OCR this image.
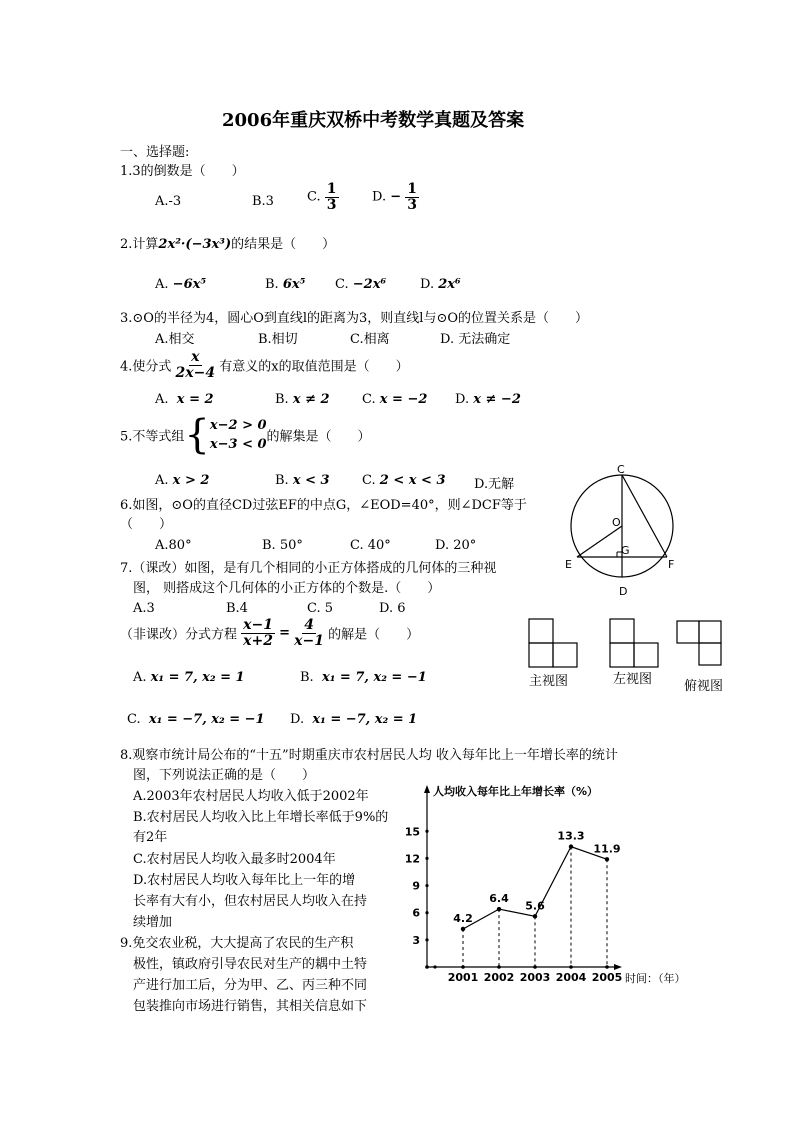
2006年重庆双桥中考数学真题及答案
一、选择题:
1.3的倒数是（　　）
A.-3	B.3	C. $\frac{1}{3}$	D. − $\frac{1}{3}$
2.计算2x²·(−3x³)的结果是（　　）
A. −6x⁵	B. 6x⁵ C. −2x⁶	D. 2x⁶
3.⊙O的半径为4，圆心O到直线l的距离为3，则直线l与⊙O的位置关系是（　　）
A.相交	B.相切	C.相离	D. 无法确定
4.使分式 $\frac{x}{2x-4}$ 有意义的x的取值范围是（　　）
A. x = 2	B. x ≠ 2 C. x = −2 D. x ≠ −2
5.不等式组 { x−2 > 0
x−3 < 0 的解集是（　　）
A. x > 2	B. x < 3 C. 2 < x < 3 D.无解
6.如图，⊙O的直径CD过弦EF的中点G，∠EOD=40°，则∠DCF等于
（　　）
A.80°	B. 50°	C. 40°	D. 20°
C
O
G
E	F
D
7.（课改）如图，是有几个相同的小正方体搭成的几何体的三种视
图， 则搭成这个几何体的小正方体的个数是.（　　）
A.3	B.4	C. 5	D. 6
（非课改）分式方程 $\frac{x-1}{x+2} = \frac{4}{x-1}$ 的解是（　　）
A. x₁ = 7, x₂ = 1	B. x₁ = 7, x₂ = −1
C. x₁ = −7, x₂ = −1 D. x₁ = −7, x₂ = 1
主视图	左视图 俯视图
8.观察市统计局公布的“十五”时期重庆市农村居民人均 收入每年比上一年增长率的统计
图，下列说法正确的是（　　）
A.2003年农村居民人均收入低于2002年
B.农村居民人均收入比上年增长率低于9%的
有2年
C.农村居民人均收入最多时2004年
D.农村居民人均收入每年比上一年的增
长率有大有小，但农村居民人均收入在持
续增加
9.免交农业税，大大提高了农民的生产积
极性，镇政府引导农民对生产的耦中土特
产进行加工后，分为甲、乙、丙三种不同
包装推向市场进行销售，其相关信息如下
人均收入每年比上年增长率（%）
时间：（年）
3
6
9
12
15
2001 2002 2003 2004 2005
4.2
6.4
5.6
13.3
11.9
